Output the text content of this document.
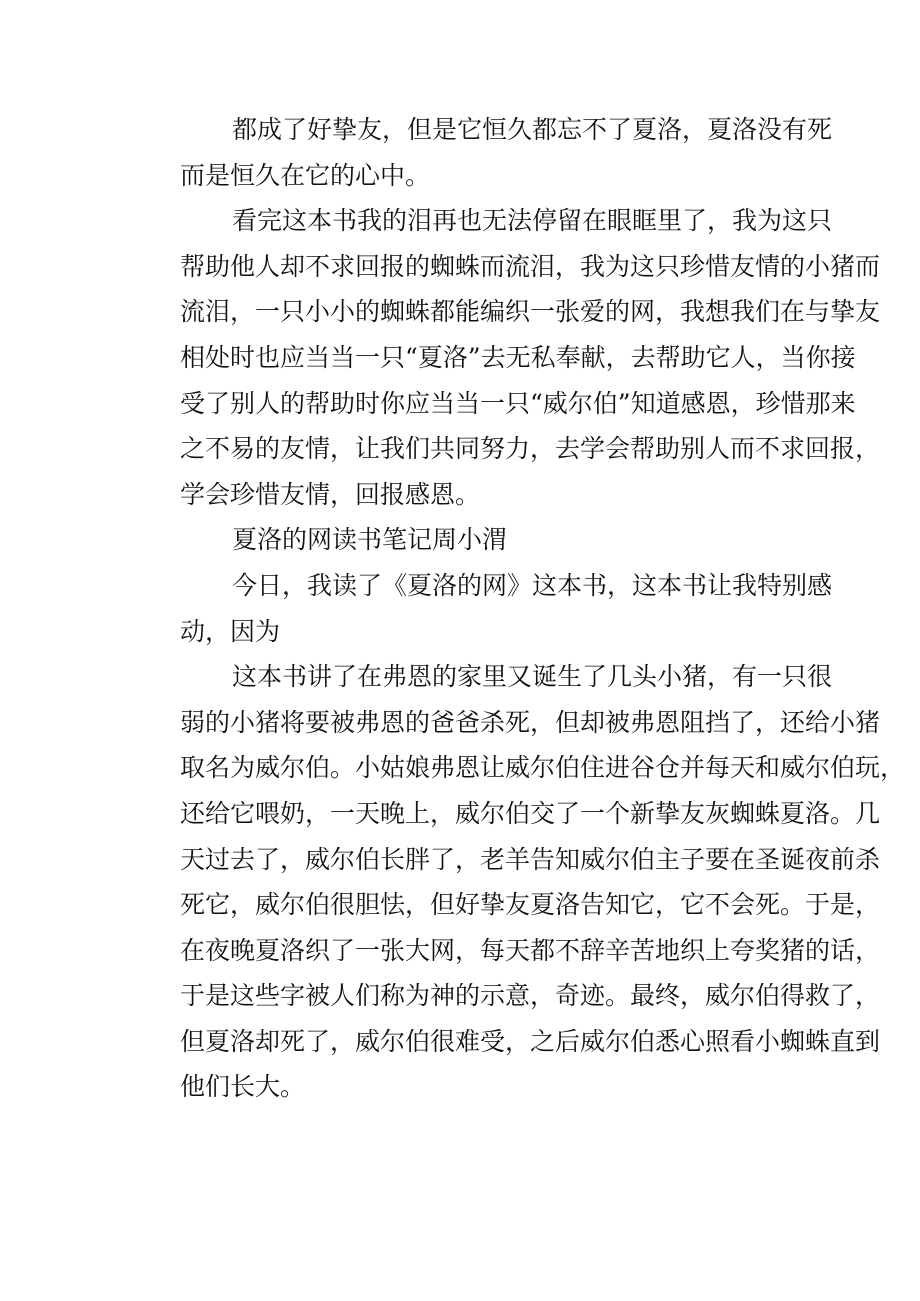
都成了好挚友，但是它恒久都忘不了夏洛，夏洛没有死
而是恒久在它的心中。
看完这本书我的泪再也无法停留在眼眶里了，我为这只
帮助他人却不求回报的蜘蛛而流泪，我为这只珍惜友情的小猪而
流泪，一只小小的蜘蛛都能编织一张爱的网，我想我们在与挚友
相处时也应当当一只“夏洛”去无私奉献，去帮助它人，当你接
受了别人的帮助时你应当当一只“威尔伯”知道感恩，珍惜那来
之不易的友情，让我们共同努力，去学会帮助别人而不求回报，
学会珍惜友情，回报感恩。
夏洛的网读书笔记周小渭
今日，我读了《夏洛的网》这本书，这本书让我特别感
动，因为
这本书讲了在弗恩的家里又诞生了几头小猪，有一只很
弱的小猪将要被弗恩的爸爸杀死，但却被弗恩阻挡了，还给小猪
取名为威尔伯。小姑娘弗恩让威尔伯住进谷仓并每天和威尔伯玩，
还给它喂奶，一天晚上，威尔伯交了一个新挚友灰蜘蛛夏洛。几
天过去了，威尔伯长胖了，老羊告知威尔伯主子要在圣诞夜前杀
死它，威尔伯很胆怯，但好挚友夏洛告知它，它不会死。于是，
在夜晚夏洛织了一张大网，每天都不辞辛苦地织上夸奖猪的话，
于是这些字被人们称为神的示意，奇迹。最终，威尔伯得救了，
但夏洛却死了，威尔伯很难受，之后威尔伯悉心照看小蜘蛛直到
他们长大。
